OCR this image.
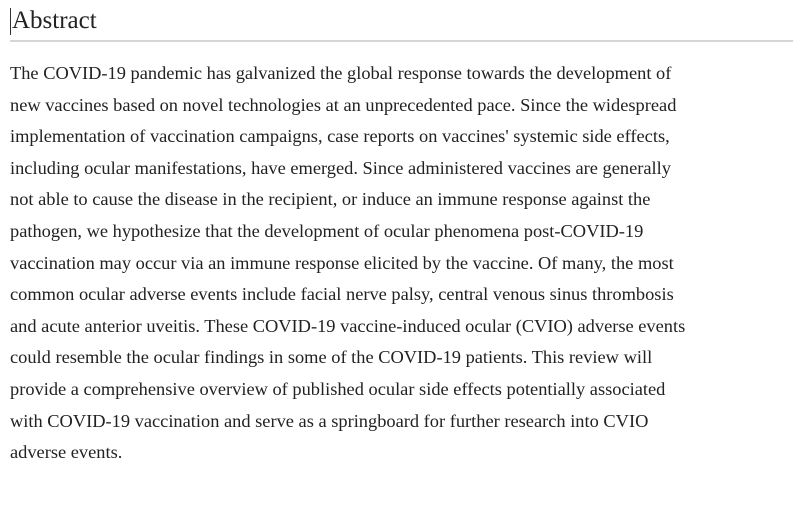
Abstract

The COVID-19 pandemic has galvanized the global response towards the development of
new vaccines based on novel technologies at an unprecedented pace. Since the widespread
implementation of vaccination campaigns, case reports on vaccines' systemic side effects,
including ocular manifestations, have emerged. Since administered vaccines are generally
not able to cause the disease in the recipient, or induce an immune response against the
pathogen, we hypothesize that the development of ocular phenomena post-COVID-19
vaccination may occur via an immune response elicited by the vaccine. Of many, the most
common ocular adverse events include facial nerve palsy, central venous sinus thrombosis
and acute anterior uveitis. These COVID-19 vaccine-induced ocular (CVIO) adverse events
could resemble the ocular findings in some of the COVID-19 patients. This review will
provide a comprehensive overview of published ocular side effects potentially associated
with COVID-19 vaccination and serve as a springboard for further research into CVIO
adverse events.
